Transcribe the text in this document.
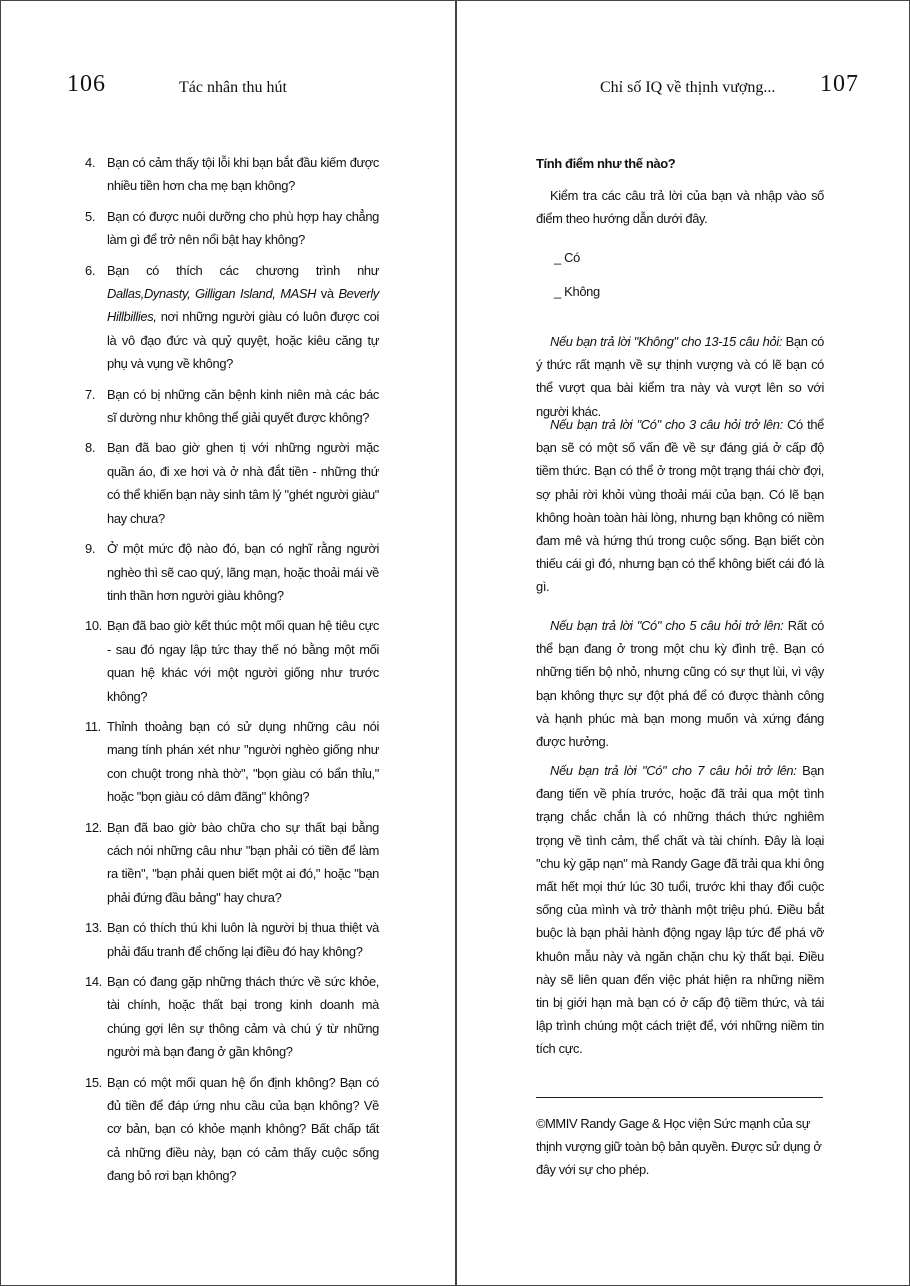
106	Tác nhân thu hút
4. Bạn có cảm thấy tội lỗi khi bạn bắt đầu kiếm được nhiều tiền hơn cha mẹ bạn không?
5. Bạn có được nuôi dưỡng cho phù hợp hay chẳng làm gì để trở nên nổi bật hay không?
6. Bạn có thích các chương trình như Dallas,Dynasty, Gilligan Island, MASH và Beverly Hillbillies, nơi những người giàu có luôn được coi là vô đạo đức và quỷ quyệt, hoặc kiêu căng tự phụ và vụng về không?
7. Bạn có bị những căn bệnh kinh niên mà các bác sĩ dường như không thể giải quyết được không?
8. Bạn đã bao giờ ghen tị với những người mặc quần áo, đi xe hơi và ở nhà đắt tiền - những thứ có thể khiến bạn này sinh tâm lý "ghét người giàu" hay chưa?
9. Ở một mức độ nào đó, bạn có nghĩ rằng người nghèo thì sẽ cao quý, lãng mạn, hoặc thoải mái về tinh thần hơn người giàu không?
10. Bạn đã bao giờ kết thúc một mối quan hệ tiêu cực - sau đó ngay lập tức thay thế nó bằng một mối quan hệ khác với một người giống như trước không?
11. Thỉnh thoảng bạn có sử dụng những câu nói mang tính phán xét như "người nghèo giống như con chuột trong nhà thờ", "bọn giàu có bẩn thỉu," hoặc "bọn giàu có dâm đãng" không?
12. Bạn đã bao giờ bào chữa cho sự thất bại bằng cách nói những câu như "bạn phải có tiền để làm ra tiền", "bạn phải quen biết một ai đó," hoặc "bạn phải đứng đầu bảng" hay chưa?
13. Bạn có thích thú khi luôn là người bị thua thiệt và phải đấu tranh để chống lại điều đó hay không?
14. Bạn có đang gặp những thách thức về sức khỏe, tài chính, hoặc thất bại trong kinh doanh mà chúng gợi lên sự thông cảm và chú ý từ những người mà bạn đang ở gần không?
15. Bạn có một mối quan hệ ổn định không? Bạn có đủ tiền để đáp ứng nhu cầu của bạn không? Về cơ bản, bạn có khỏe mạnh không? Bất chấp tất cả những điều này, bạn có cảm thấy cuộc sống đang bỏ rơi bạn không?
Chỉ số IQ về thịnh vượng... 107
Tính điểm như thế nào?
Kiểm tra các câu trả lời của bạn và nhập vào số điểm theo hướng dẫn dưới đây.
_ Có
_ Không
Nếu bạn trả lời "Không" cho 13-15 câu hỏi: Bạn có ý thức rất mạnh về sự thịnh vượng và có lẽ bạn có thể vượt qua bài kiểm tra này và vượt lên so với người khác.
Nếu bạn trả lời "Có" cho 3 câu hỏi trở lên: Có thể bạn sẽ có một số vấn đề về sự đáng giá ở cấp độ tiềm thức. Bạn có thể ở trong một trạng thái chờ đợi, sợ phải rời khỏi vùng thoải mái của bạn. Có lẽ bạn không hoàn toàn hài lòng, nhưng bạn không có niềm đam mê và hứng thú trong cuộc sống. Bạn biết còn thiếu cái gì đó, nhưng bạn có thể không biết cái đó là gì.
Nếu bạn trả lời "Có" cho 5 câu hỏi trở lên: Rất có thể bạn đang ở trong một chu kỳ đình trệ. Bạn có những tiến bộ nhỏ, nhưng cũng có sự thụt lùi, vì vậy bạn không thực sự đột phá để có được thành công và hạnh phúc mà bạn mong muốn và xứng đáng được hưởng.
Nếu bạn trả lời "Có" cho 7 câu hỏi trở lên: Bạn đang tiến về phía trước, hoặc đã trải qua một tình trạng chắc chắn là có những thách thức nghiêm trọng về tình cảm, thể chất và tài chính. Đây là loại "chu kỳ gặp nạn" mà Randy Gage đã trải qua khi ông mất hết mọi thứ lúc 30 tuổi, trước khi thay đổi cuộc sống của mình và trở thành một triệu phú. Điều bắt buộc là bạn phải hành động ngay lập tức để phá vỡ khuôn mẫu này và ngăn chặn chu kỳ thất bại. Điều này sẽ liên quan đến việc phát hiện ra những niềm tin bị giới hạn mà bạn có ở cấp độ tiềm thức, và tái lập trình chúng một cách triệt để, với những niềm tin tích cực.
©MMIV Randy Gage & Học viện Sức mạnh của sự thịnh vượng giữ toàn bộ bản quyền. Được sử dụng ở đây với sự cho phép.
